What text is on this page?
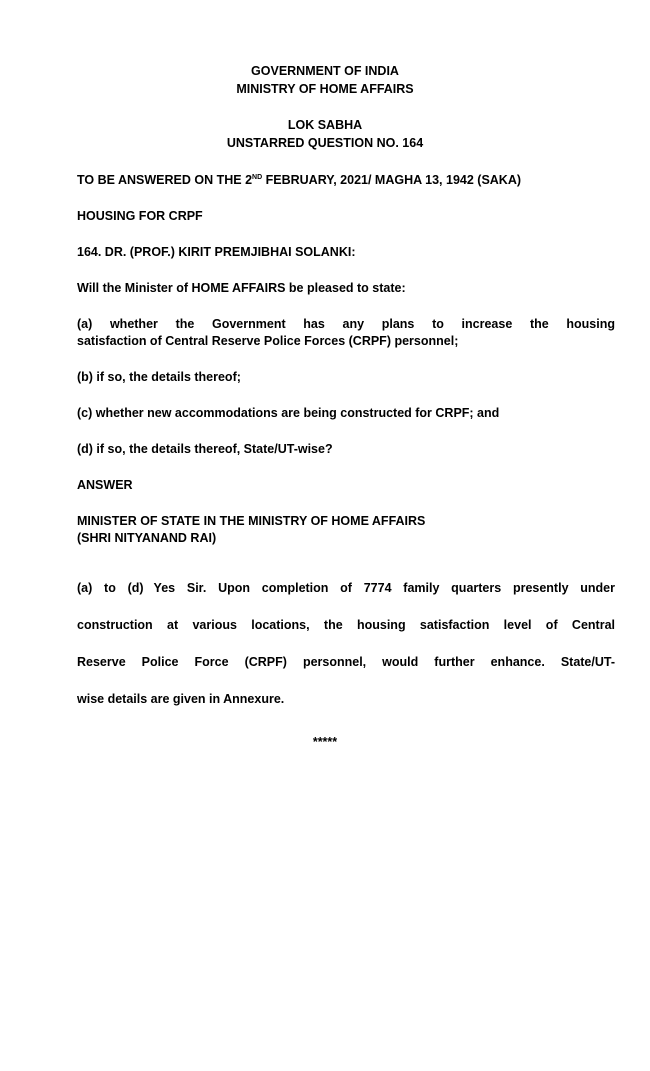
GOVERNMENT OF INDIA
MINISTRY OF HOME AFFAIRS
LOK SABHA
UNSTARRED QUESTION NO. 164
TO BE ANSWERED ON THE 2ND FEBRUARY, 2021/ MAGHA 13, 1942 (SAKA)
HOUSING FOR CRPF
164. DR. (PROF.) KIRIT PREMJIBHAI SOLANKI:
Will the Minister of HOME AFFAIRS be pleased to state:
(a) whether the Government has any plans to increase the housing
satisfaction of Central Reserve Police Forces (CRPF) personnel;
(b) if so, the details thereof;
(c) whether new accommodations are being constructed for CRPF; and
(d) if so, the details thereof, State/UT-wise?
ANSWER
MINISTER OF STATE IN THE MINISTRY OF HOME AFFAIRS
(SHRI NITYANAND RAI)
(a) to (d) Yes Sir. Upon completion of 7774 family quarters presently under
construction at various locations, the housing satisfaction level of Central
Reserve Police Force (CRPF) personnel, would further enhance. State/UT-
wise details are given in Annexure.
*****
